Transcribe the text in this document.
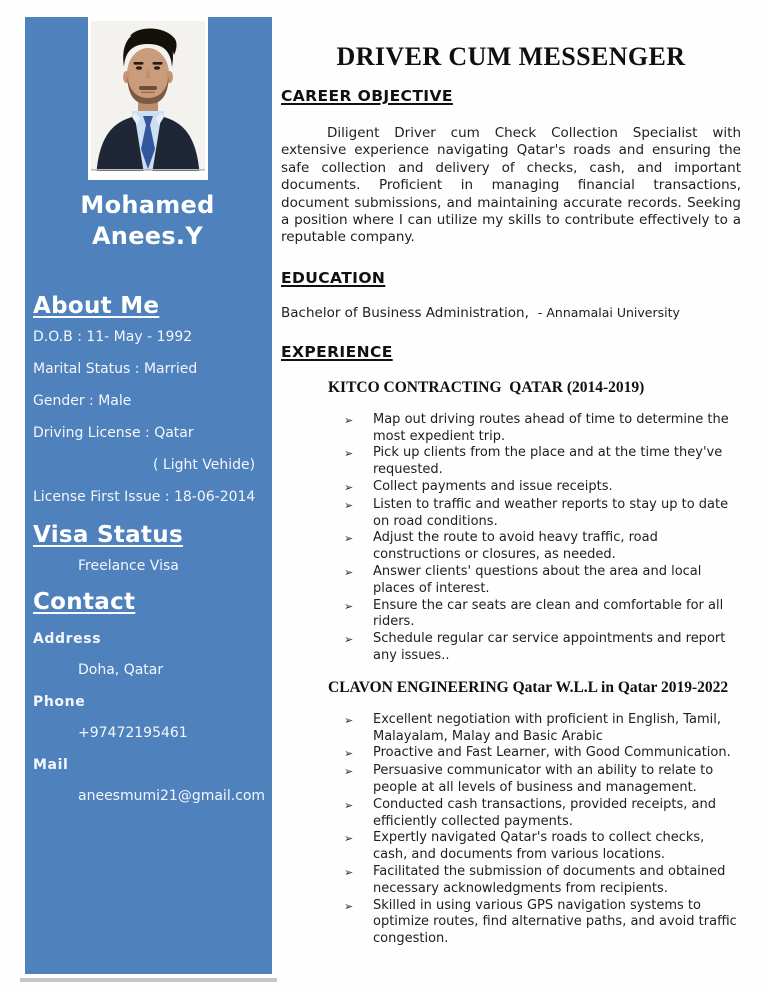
Mohamed
Anees.Y
About Me
D.O.B : 11- May - 1992
Marital Status : Married
Gender : Male
Driving License : Qatar
( Light Vehide)
License First Issue : 18-06-2014
Visa Status
Freelance Visa
Contact
Address
Doha, Qatar
Phone
+97472195461
Mail
aneesmumi21@gmail.com
DRIVER CUM MESSENGER
CAREER OBJECTIVE

Diligent Driver cum Check Collection Specialist with extensive experience navigating Qatar's roads and ensuring the safe collection and delivery of checks, cash, and important documents. Proficient in managing financial transactions, document submissions, and maintaining accurate records. Seeking a position where I can utilize my skills to contribute effectively to a reputable company.

EDUCATION

Bachelor of Business Administration, - Annamalai University

EXPERIENCE
KITCO CONTRACTING  QATAR (2014-2019)
➢	Map out driving routes ahead of time to determine the most expedient trip.
➢	Pick up clients from the place and at the time they've requested.
➢	Collect payments and issue receipts.
➢	Listen to traffic and weather reports to stay up to date on road conditions.
➢	Adjust the route to avoid heavy traffic, road constructions or closures, as needed.
➢	Answer clients' questions about the area and local places of interest.
➢	Ensure the car seats are clean and comfortable for all riders.
➢	Schedule regular car service appointments and report any issues..
CLAVON ENGINEERING Qatar W.L.L in Qatar 2019-2022
➢	Excellent negotiation with proficient in English, Tamil, Malayalam, Malay and Basic Arabic
➢	Proactive and Fast Learner, with Good Communication.
➢	Persuasive communicator with an ability to relate to people at all levels of business and management.
➢	Conducted cash transactions, provided receipts, and efficiently collected payments.
➢	Expertly navigated Qatar's roads to collect checks, cash, and documents from various locations.
➢	Facilitated the submission of documents and obtained necessary acknowledgments from recipients.
➢	Skilled in using various GPS navigation systems to optimize routes, find alternative paths, and avoid traffic congestion.
